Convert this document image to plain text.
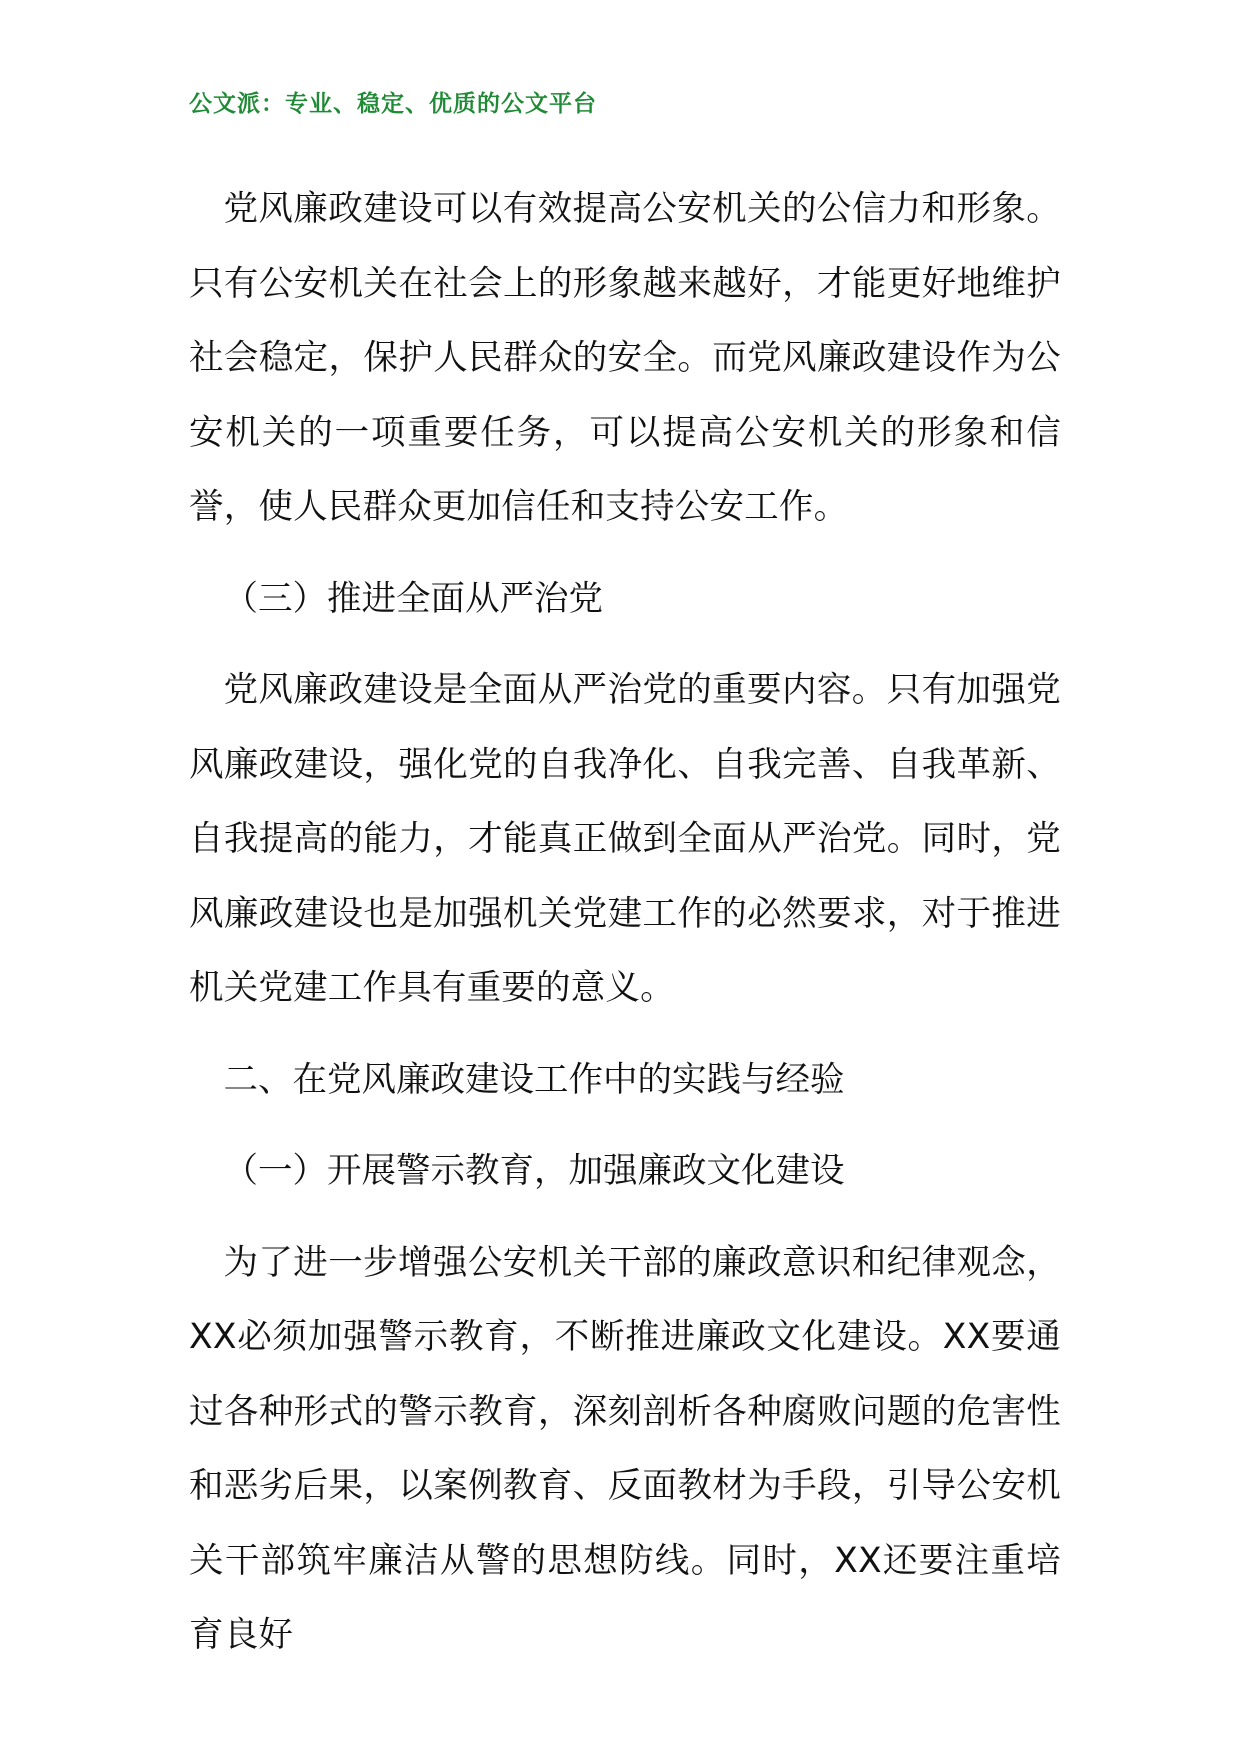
公文派：专业、稳定、优质的公文平台

党风廉政建设可以有效提高公安机关的公信力和形象。只有公安机关在社会上的形象越来越好，才能更好地维护社会稳定，保护人民群众的安全。而党风廉政建设作为公安机关的一项重要任务，可以提高公安机关的形象和信誉，使人民群众更加信任和支持公安工作。

（三）推进全面从严治党

党风廉政建设是全面从严治党的重要内容。只有加强党风廉政建设，强化党的自我净化、自我完善、自我革新、自我提高的能力，才能真正做到全面从严治党。同时，党风廉政建设也是加强机关党建工作的必然要求，对于推进机关党建工作具有重要的意义。

二、在党风廉政建设工作中的实践与经验

（一）开展警示教育，加强廉政文化建设

为了进一步增强公安机关干部的廉政意识和纪律观念，XX必须加强警示教育，不断推进廉政文化建设。XX要通过各种形式的警示教育，深刻剖析各种腐败问题的危害性和恶劣后果，以案例教育、反面教材为手段，引导公安机关干部筑牢廉洁从警的思想防线。同时，XX还要注重培育良好
